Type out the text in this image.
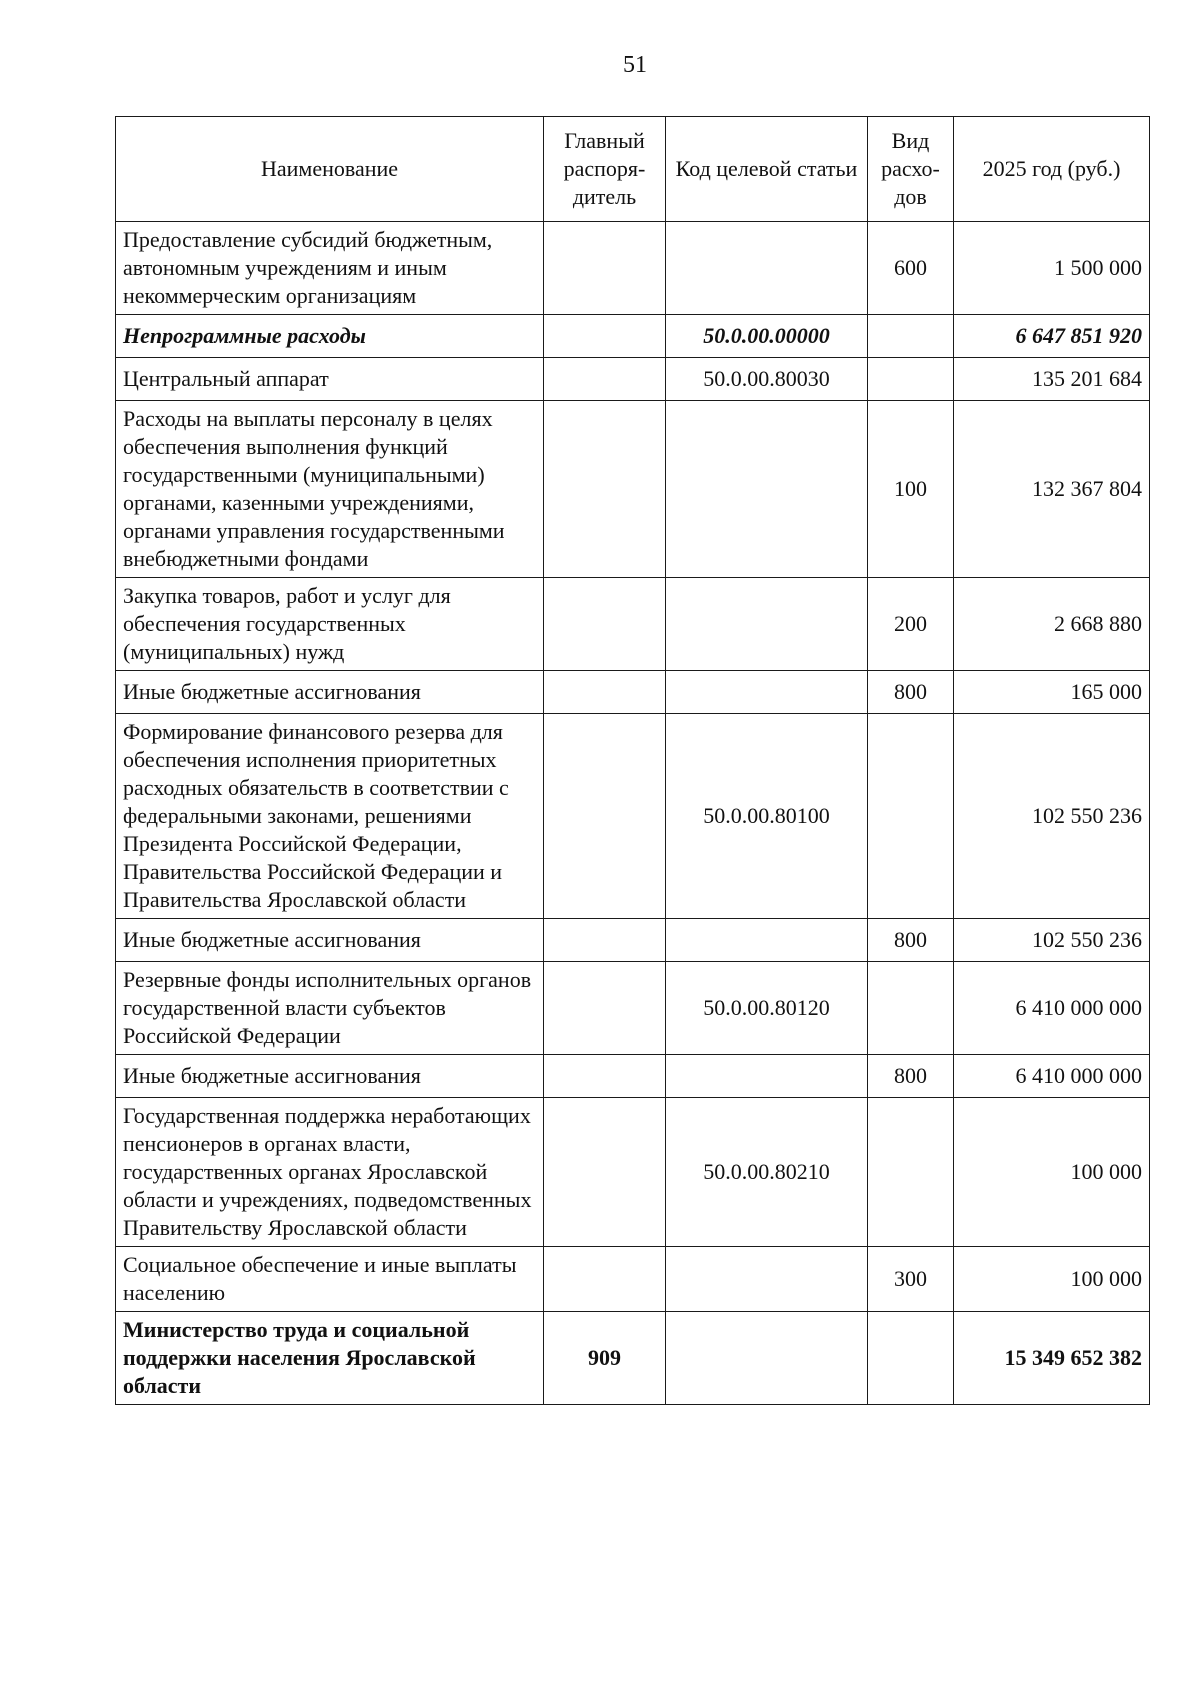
51
Наименование	Главный распоря-дитель	Код целевой статьи	Вид расхо-дов	2025 год (руб.)
Предоставление субсидий бюджетным, автономным учреждениям и иным некоммерческим организациям			600	1 500 000
Непрограммные расходы		50.0.00.00000		6 647 851 920
Центральный аппарат		50.0.00.80030		135 201 684
Расходы на выплаты персоналу в целях обеспечения выполнения функций государственными (муниципальными) органами, казенными учреждениями, органами управления государственными внебюджетными фондами			100	132 367 804
Закупка товаров, работ и услуг для обеспечения государственных (муниципальных) нужд			200	2 668 880
Иные бюджетные ассигнования			800	165 000
Формирование финансового резерва для обеспечения исполнения приоритетных расходных обязательств в соответствии с федеральными законами, решениями Президента Российской Федерации, Правительства Российской Федерации и Правительства Ярославской области		50.0.00.80100		102 550 236
Иные бюджетные ассигнования			800	102 550 236
Резервные фонды исполнительных органов государственной власти субъектов Российской Федерации		50.0.00.80120		6 410 000 000
Иные бюджетные ассигнования			800	6 410 000 000
Государственная поддержка неработающих пенсионеров в органах власти, государственных органах Ярославской области и учреждениях, подведомственных Правительству Ярославской области		50.0.00.80210		100 000
Социальное обеспечение и иные выплаты населению			300	100 000
Министерство труда и социальной поддержки населения Ярославской области	909			15 349 652 382
